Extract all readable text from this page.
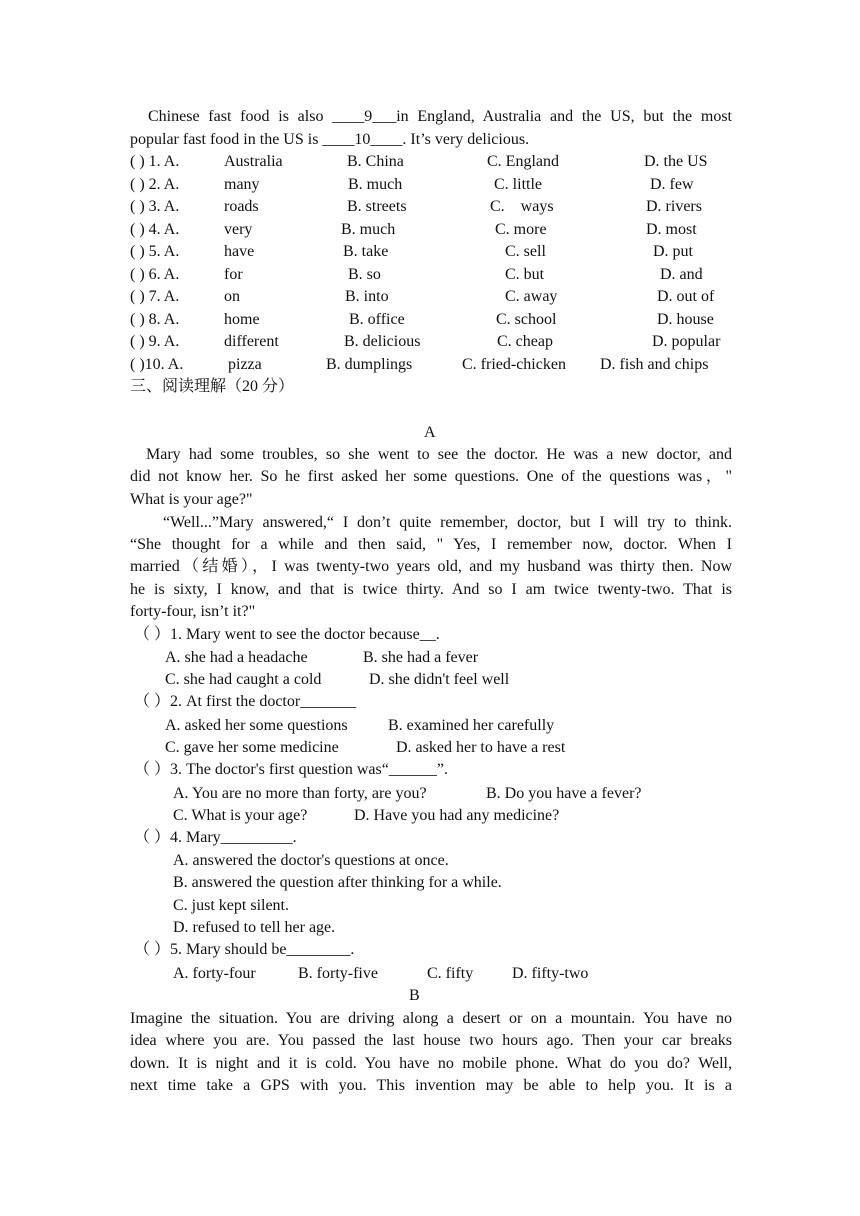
Chinese fast food is also ____9___in England, Australia and the US, but the most
popular fast food in the US is ____10____. It’s very delicious.
( ) 1. A.	Australia	B. China	C. England	D. the US
( ) 2. A.	many	B. much	C. little	D. few
( ) 3. A.	roads	B. streets	C.    ways	D. rivers
( ) 4. A.	very	B. much	C. more	D. most
( ) 5. A.	have	B. take	C. sell	D. put
( ) 6. A.	for	B. so	C. but	D. and
( ) 7. A.	on	B. into	C. away	D. out of
( ) 8. A.	home	B. office	C. school	D. house
( ) 9. A.	different	B. delicious	C. cheap	D. popular
( )10. A.	pizza	B. dumplings	C. fried-chicken D. fish and chips
三、阅读理解（20 分）
A
Mary had some troubles, so she went to see the doctor. He was a new doctor, and
did not know her. So he first asked her some questions. One of the questions was，"
What is your age?"
“Well...”Mary answered,“ I don’t quite remember, doctor, but I will try to think.
“She thought for a while and then said, " Yes, I remember now, doctor. When I
married（结婚），I was twenty-two years old, and my husband was thirty then. Now
he is sixty, I know, and that is twice thirty. And so I am twice twenty-two. That is
forty-four, isn’t it?"
（ ）1. Mary went to see the doctor because__.
A. she had a headache	B. she had a fever
C. she had caught a cold	D. she didn't feel well
（ ）2. At first the doctor_______
A. asked her some questions	B. examined her carefully
C. gave her some medicine	D. asked her to have a rest
（ ）3. The doctor's first question was“______”.
A. You are no more than forty, are you?	B. Do you have a fever?
C. What is your age?	D. Have you had any medicine?
（ ）4. Mary_________.
A. answered the doctor's questions at once.
B. answered the question after thinking for a while.
C. just kept silent.
D. refused to tell her age.
（ ）5. Mary should be________.
A. forty-four	B. forty-five	C. fifty D. fifty-two
B
Imagine the situation. You are driving along a desert or on a mountain. You have no
idea where you are. You passed the last house two hours ago. Then your car breaks
down. It is night and it is cold. You have no mobile phone. What do you do? Well,
next time take a GPS with you. This invention may be able to help you. It is a
